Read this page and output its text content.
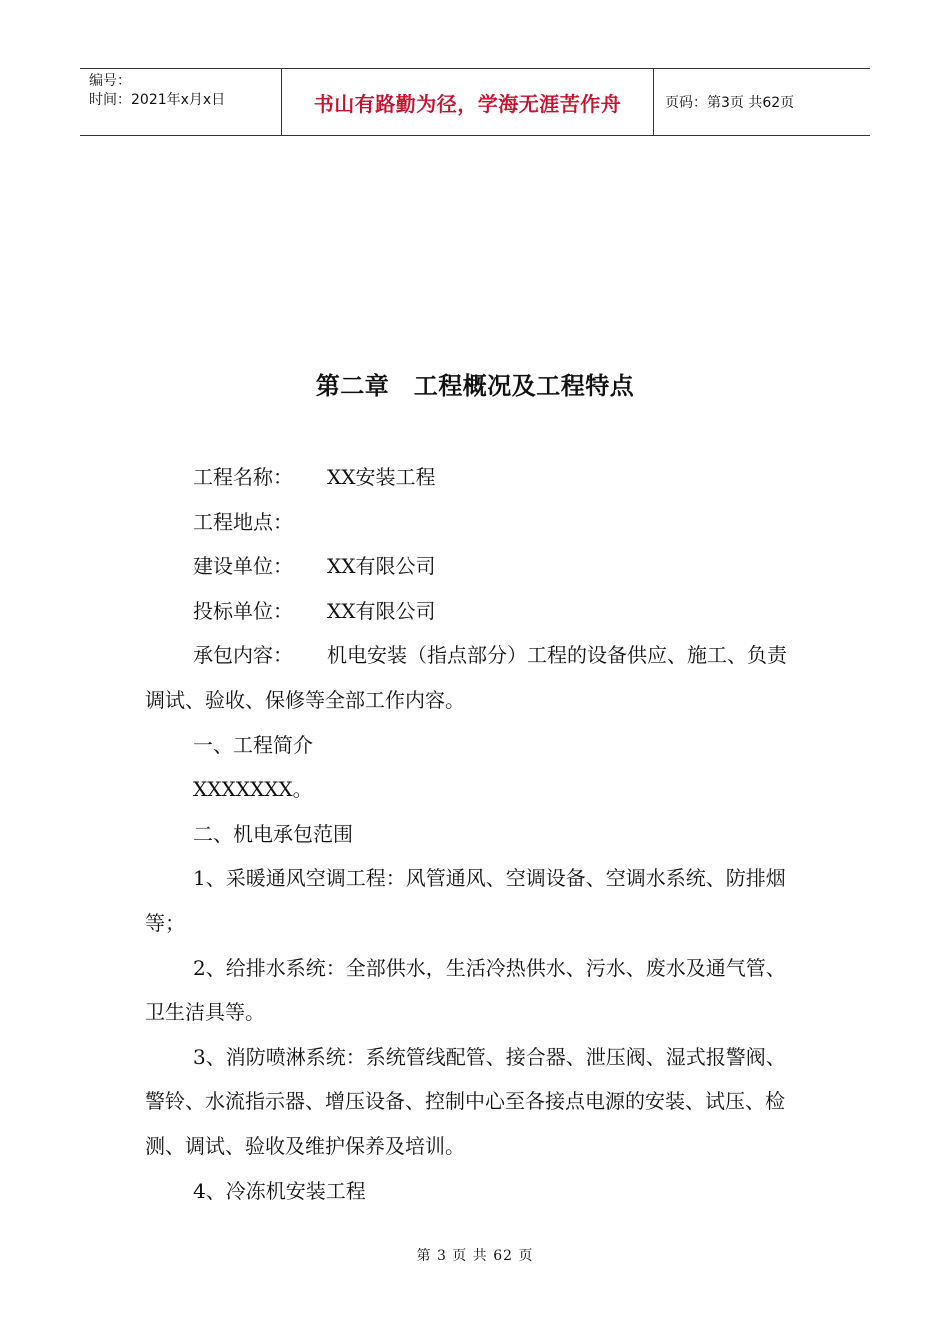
编号：
时间：2021年x月x日	书山有路勤为径，学海无涯苦作舟	页码：第3页 共62页
第二章　工程概况及工程特点

工程名称： XX安装工程

工程地点：

建设单位： XX有限公司

投标单位： XX有限公司

承包内容： 机电安装（指点部分）工程的设备供应、施工、负责调试、验收、保修等全部工作内容。

一、工程简介

XXXXXXX。

二、机电承包范围

1、采暖通风空调工程：风管通风、空调设备、空调水系统、防排烟等；

2、给排水系统：全部供水，生活冷热供水、污水、废水及通气管、卫生洁具等。

3、消防喷淋系统：系统管线配管、接合器、泄压阀、湿式报警阀、警铃、水流指示器、增压设备、控制中心至各接点电源的安装、试压、检测、调试、验收及维护保养及培训。

4、冷冻机安装工程

第 3 页 共 62 页
